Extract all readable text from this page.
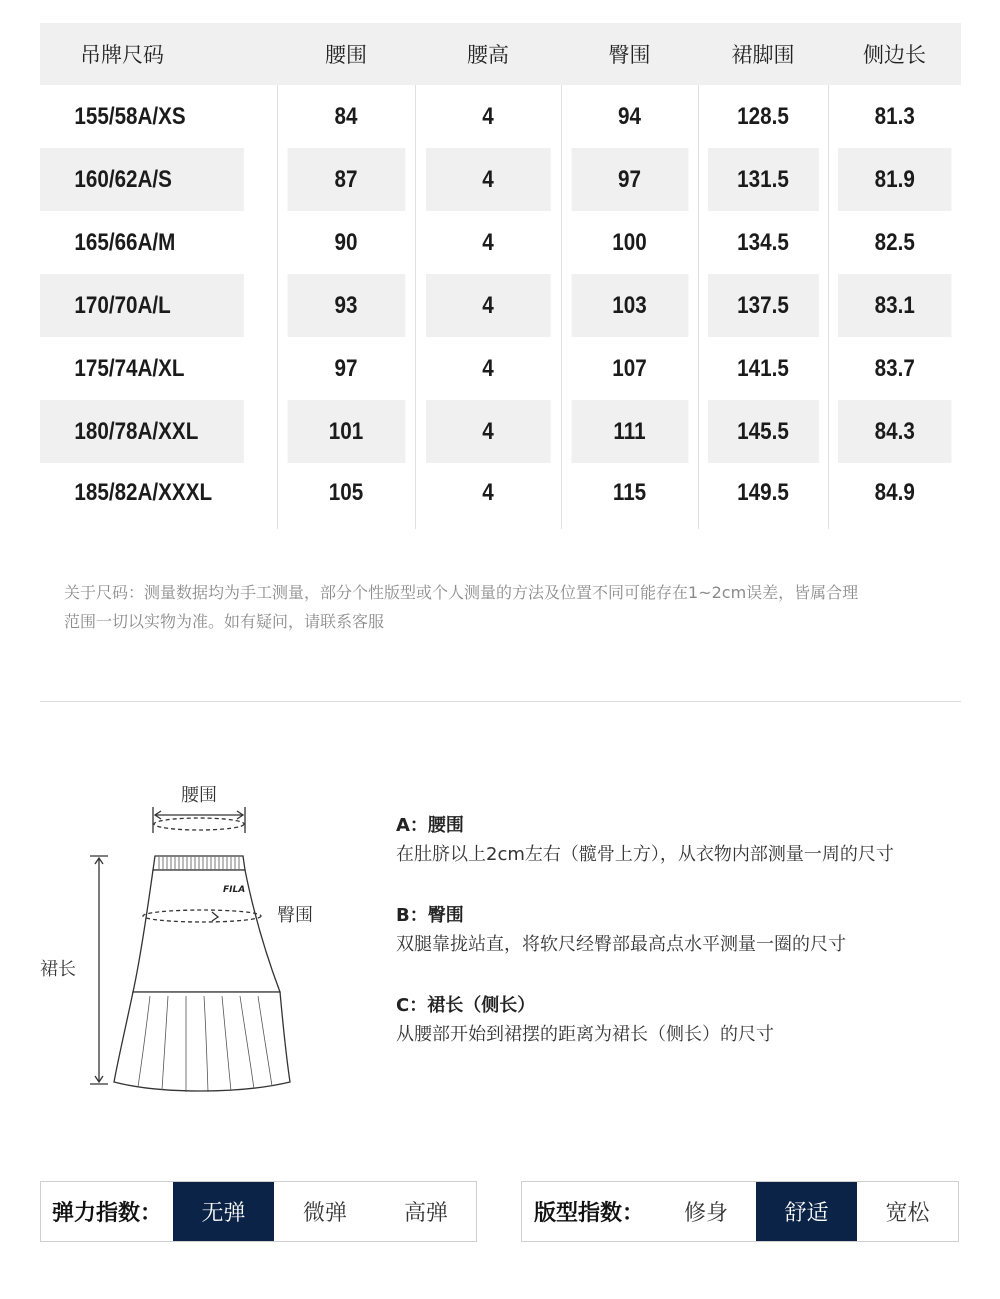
吊牌尺码	腰围	腰高	臀围	裙脚围	侧边长
155/58A/XS	84	4	94	128.5	81.3
160/62A/S	87	4	97	131.5	81.9
165/66A/M	90	4	100	134.5	82.5
170/70A/L	93	4	103	137.5	83.1
175/74A/XL	97	4	107	141.5	83.7
180/78A/XXL	101	4	111	145.5	84.3
185/82A/XXXL	105	4	115	149.5	84.9
关于尺码：测量数据均为手工测量，部分个性版型或个人测量的方法及位置不同可能存在1~2cm误差，皆属合理
范围一切以实物为准。如有疑问，请联系客服
腰围
臀围
裙长
FILA
A：腰围
在肚脐以上2cm左右（髋骨上方），从衣物内部测量一周的尺寸
B：臀围
双腿靠拢站直，将软尺经臀部最高点水平测量一圈的尺寸
C：裙长（侧长）
从腰部开始到裙摆的距离为裙长（侧长）的尺寸
弹力指数：	无弹	微弹	高弹	版型指数：	修身	舒适	宽松
